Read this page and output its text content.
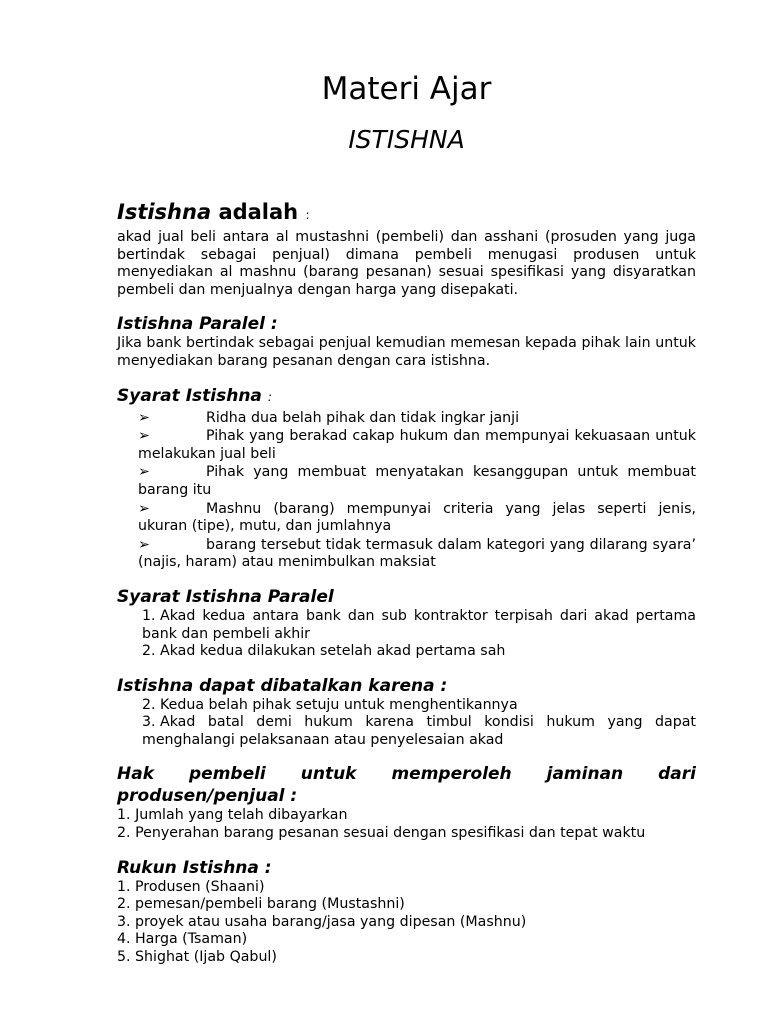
Materi Ajar
ISTISHNA
Istishna adalah :

akad jual beli antara al mustashni (pembeli) dan asshani (prosuden yang juga bertindak sebagai penjual) dimana pembeli menugasi produsen untuk menyediakan al mashnu (barang pesanan) sesuai spesifikasi yang disyaratkan pembeli dan menjualnya dengan harga yang disepakati.

Istishna Paralel :

Jika bank bertindak sebagai penjual kemudian memesan kepada pihak lain untuk menyediakan barang pesanan dengan cara istishna.

Syarat Istishna :
➢	Ridha dua belah pihak dan tidak ingkar janji
➢	Pihak yang berakad cakap hukum dan mempunyai kekuasaan untuk melakukan jual beli
➢	Pihak yang membuat menyatakan kesanggupan untuk membuat barang itu
➢	Mashnu (barang) mempunyai criteria yang jelas seperti jenis, ukuran (tipe), mutu, dan jumlahnya
➢	barang tersebut tidak termasuk dalam kategori yang dilarang syara’ (najis, haram) atau menimbulkan maksiat
Syarat Istishna Paralel
1. Akad kedua antara bank dan sub kontraktor terpisah dari akad pertama bank dan pembeli akhir
2. Akad kedua dilakukan setelah akad pertama sah
Istishna dapat dibatalkan karena :
2. Kedua belah pihak setuju untuk menghentikannya
3. Akad batal demi hukum karena timbul kondisi hukum yang dapat menghalangi pelaksanaan atau penyelesaian akad
Hak pembeli untuk memperoleh jaminan dari
produsen/penjual :
1. Jumlah yang telah dibayarkan
2. Penyerahan barang pesanan sesuai dengan spesifikasi dan tepat waktu
Rukun Istishna :
1. Produsen (Shaani)
2. pemesan/pembeli barang (Mustashni)
3. proyek atau usaha barang/jasa yang dipesan (Mashnu)
4. Harga (Tsaman)
5. Shighat (Ijab Qabul)
